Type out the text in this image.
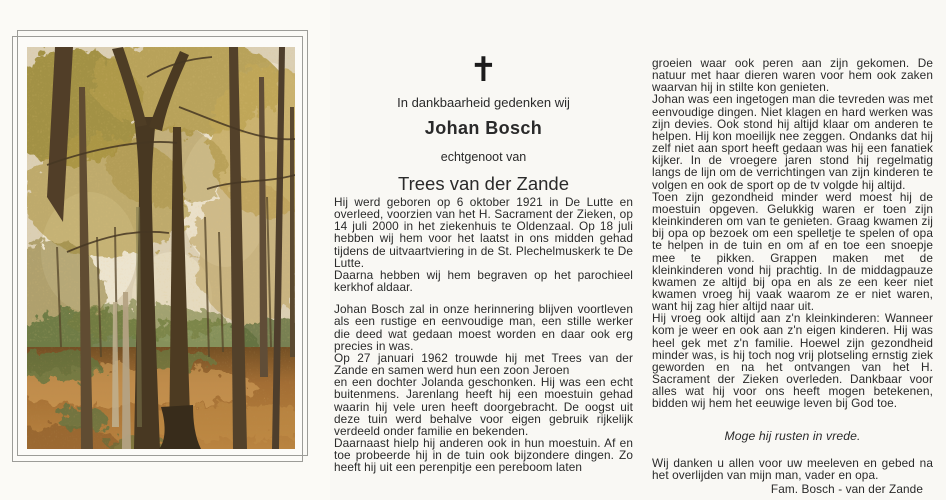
✝
In dankbaarheid gedenken wij
Johan Bosch
echtgenoot van
Trees van der Zande

Hij werd geboren op 6 oktober 1921 in De Lutte en overleed, voorzien van het H. Sacrament der Zieken, op 14 juli 2000 in het ziekenhuis te Oldenzaal. Op 18 juli hebben wij hem voor het laatst in ons midden gehad tijdens de uitvaartviering in de St. Plechelmuskerk te De Lutte.

Daarna hebben wij hem begraven op het parochieel kerkhof aldaar.

Johan Bosch zal in onze herinnering blijven voortleven als een rustige en eenvoudige man, een stille werker die deed wat gedaan moest worden en daar ook erg precies in was.

Op 27 januari 1962 trouwde hij met Trees van der Zande en samen werd hun een zoon Jeroen

en een dochter Jolanda geschonken. Hij was een echt buitenmens. Jarenlang heeft hij een moestuin gehad waarin hij vele uren heeft doorgebracht. De oogst uit deze tuin werd behalve voor eigen gebruik rijkelijk verdeeld onder familie en bekenden.

Daarnaast hielp hij anderen ook in hun moestuin. Af en toe probeerde hij in de tuin ook bijzondere dingen. Zo heeft hij uit een perenpitje een pereboom laten

groeien waar ook peren aan zijn gekomen. De natuur met haar dieren waren voor hem ook zaken waarvan hij in stilte kon genieten.

Johan was een ingetogen man die tevreden was met eenvoudige dingen. Niet klagen en hard werken was zijn devies. Ook stond hij altijd klaar om anderen te helpen. Hij kon moeilijk nee zeggen. Ondanks dat hij zelf niet aan sport heeft gedaan was hij een fanatiek kijker. In de vroegere jaren stond hij regelmatig langs de lijn om de verrichtingen van zijn kinderen te volgen en ook de sport op de tv volgde hij altijd.

Toen zijn gezondheid minder werd moest hij de moestuin opgeven. Gelukkig waren er toen zijn kleinkinderen om van te genieten. Graag kwamen zij bij opa op bezoek om een spelletje te spelen of opa te helpen in de tuin en om af en toe een snoepje mee te pikken. Grappen maken met de kleinkinderen vond hij prachtig. In de middagpauze kwamen ze altijd bij opa en als ze een keer niet kwamen vroeg hij vaak waarom ze er niet waren, want hij zag hier altijd naar uit.

Hij vroeg ook altijd aan z'n kleinkinderen: Wanneer kom je weer en ook aan z'n eigen kinderen. Hij was heel gek met z'n familie. Hoewel zijn gezondheid minder was, is hij toch nog vrij plotseling ernstig ziek geworden en na het ontvangen van het H. Sacrament der Zieken overleden. Dankbaar voor alles wat hij voor ons heeft mogen betekenen, bidden wij hem het eeuwige leven bij God toe.

Moge hij rusten in vrede.

Wij danken u allen voor uw meeleven en gebed na het overlijden van mijn man, vader en opa.

Fam. Bosch - van der Zande
